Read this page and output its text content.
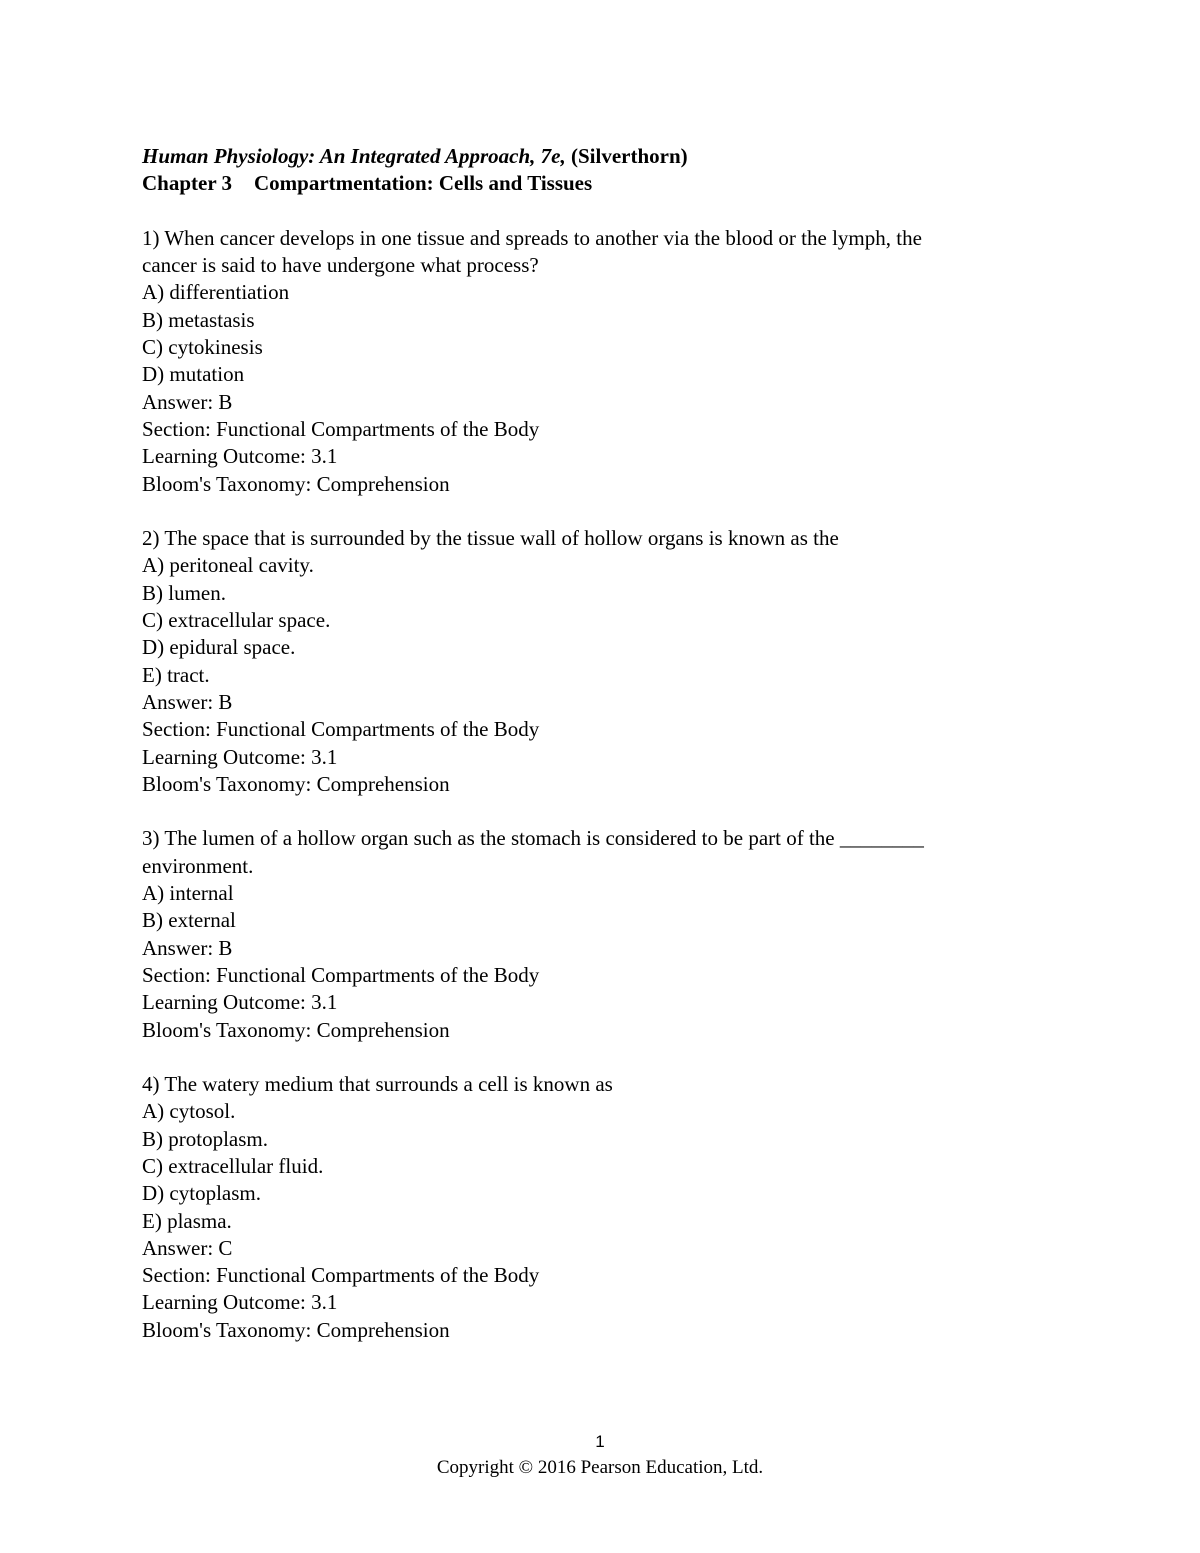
Human Physiology: An Integrated Approach, 7e, (Silverthorn)
Chapter 3 Compartmentation: Cells and Tissues
1) When cancer develops in one tissue and spreads to another via the blood or the lymph, the
cancer is said to have undergone what process?
A) differentiation
B) metastasis
C) cytokinesis
D) mutation
Answer: B
Section: Functional Compartments of the Body
Learning Outcome: 3.1
Bloom's Taxonomy: Comprehension
2) The space that is surrounded by the tissue wall of hollow organs is known as the
A) peritoneal cavity.
B) lumen.
C) extracellular space.
D) epidural space.
E) tract.
Answer: B
Section: Functional Compartments of the Body
Learning Outcome: 3.1
Bloom's Taxonomy: Comprehension
3) The lumen of a hollow organ such as the stomach is considered to be part of the ________
environment.
A) internal
B) external
Answer: B
Section: Functional Compartments of the Body
Learning Outcome: 3.1
Bloom's Taxonomy: Comprehension
4) The watery medium that surrounds a cell is known as
A) cytosol.
B) protoplasm.
C) extracellular fluid.
D) cytoplasm.
E) plasma.
Answer: C
Section: Functional Compartments of the Body
Learning Outcome: 3.1
Bloom's Taxonomy: Comprehension
1
Copyright © 2016 Pearson Education, Ltd.
